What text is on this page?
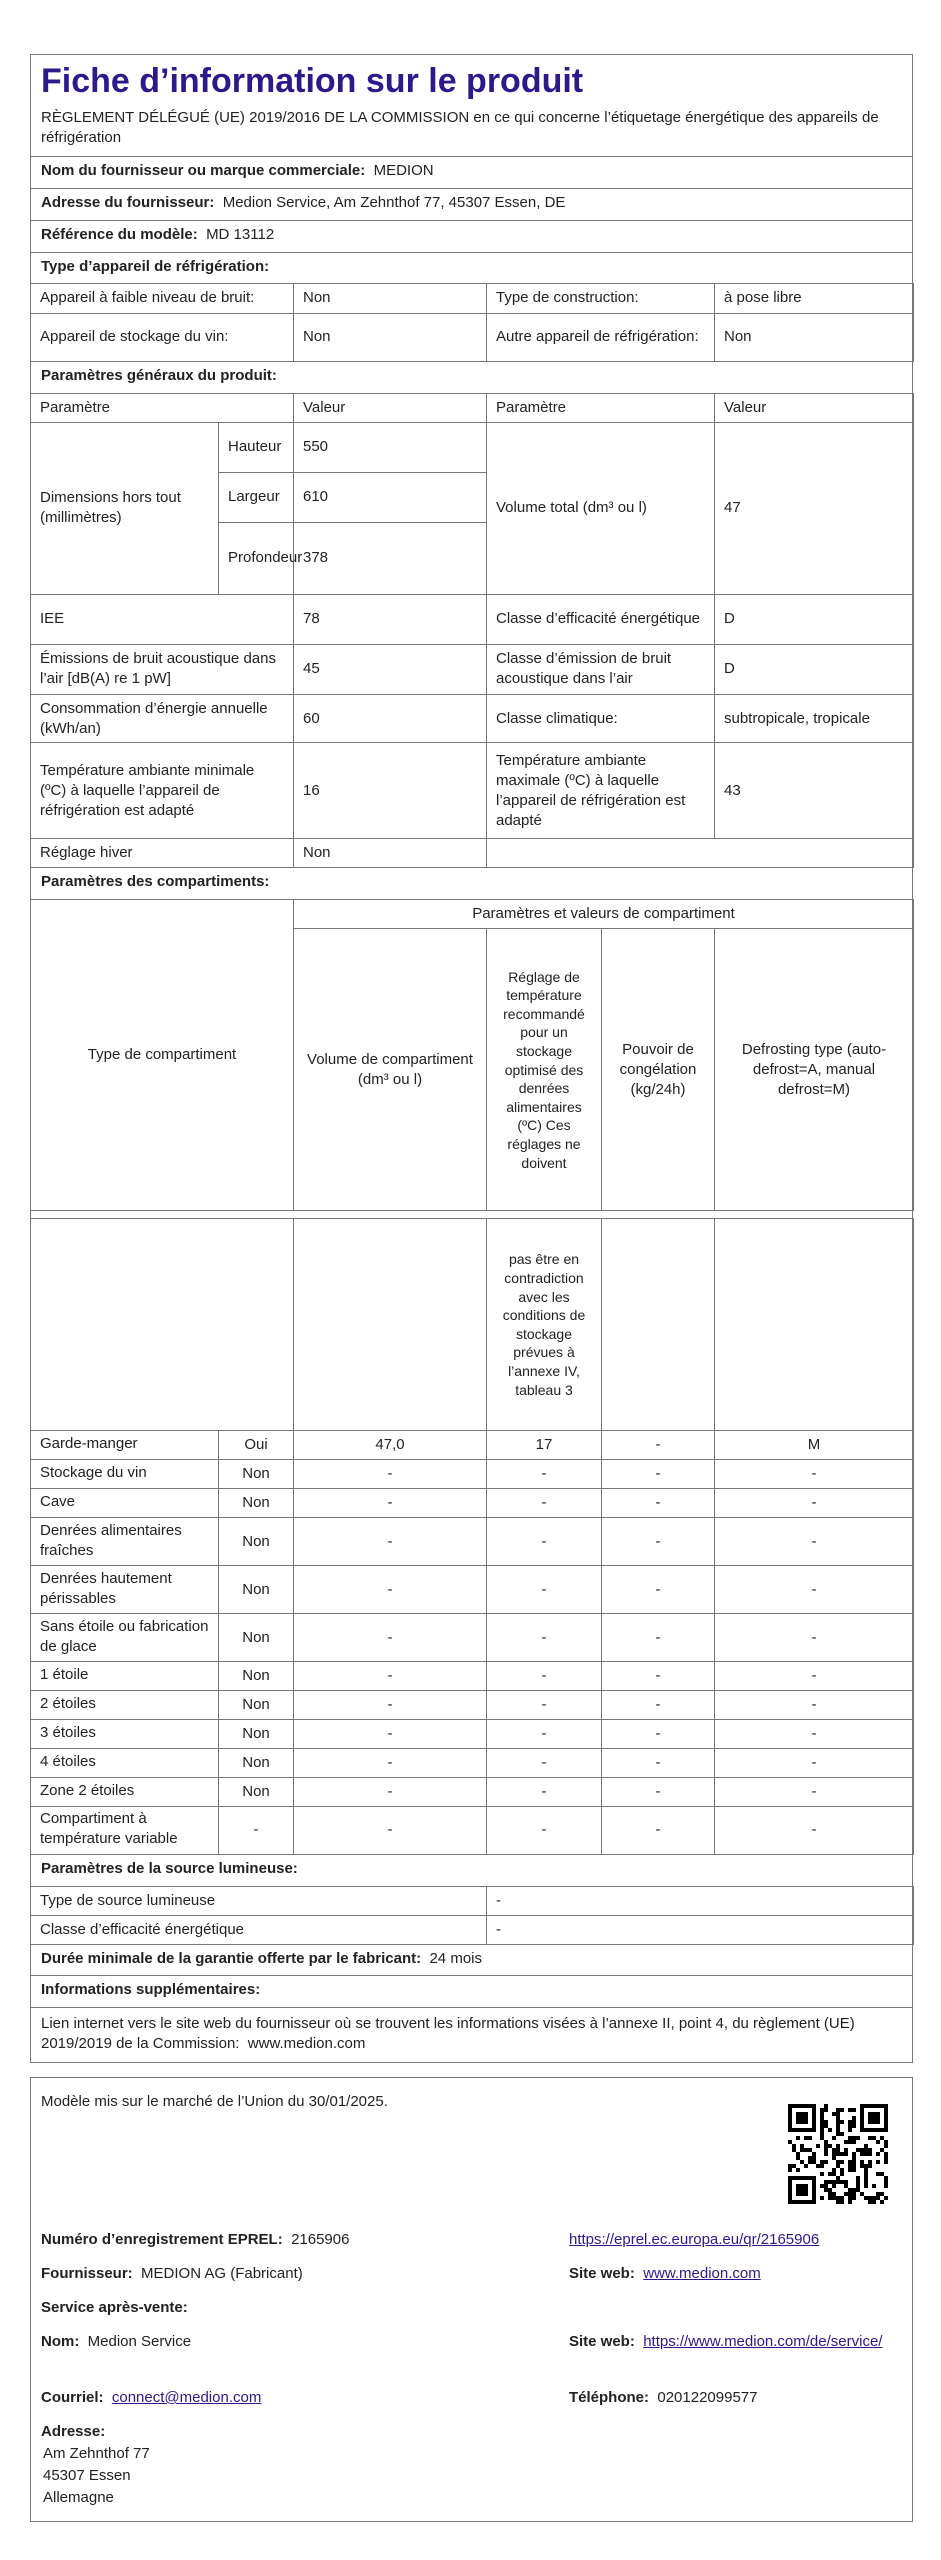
Fiche d’information sur le produit
RÈGLEMENT DÉLÉGUÉ (UE) 2019/2016 DE LA COMMISSION en ce qui concerne l’étiquetage énergétique des appareils de réfrigération
Nom du fournisseur ou marque commerciale: MEDION
Adresse du fournisseur: Medion Service, Am Zehnthof 77, 45307 Essen, DE
Référence du modèle: MD 13112
Type d’appareil de réfrigération:
Appareil à faible niveau de bruit:	Non	Type de construction:	à pose libre
Appareil de stockage du vin:	Non	Autre appareil de réfrigération:	Non
Paramètres généraux du produit:
Paramètre		Valeur	Paramètre	Valeur
Dimensions hors tout (millimètres)	Hauteur	550	Volume total (dm³ ou l)	47
	Largeur	610		
	Profondeur	378		
IEE		78	Classe d’efficacité énergétique	D
Émissions de bruit acoustique dans l’air [dB(A) re 1 pW]		45	Classe d’émission de bruit acoustique dans l’air	D
Consommation d’énergie annuelle (kWh/an)		60	Classe climatique:	subtropicale, tropicale
Température ambiante minimale (ºC) à laquelle l’appareil de réfrigération est adapté		16	Température ambiante maximale (ºC) à laquelle l’appareil de réfrigération est adapté	43
Réglage hiver		Non		
Paramètres des compartiments:
Type de compartiment		Paramètres et valeurs de compartiment			
		Volume de compartiment (dm³ ou l)	Réglage de température recommandé pour un stockage optimisé des denrées alimentaires (ºC) Ces réglages ne doivent	Pouvoir de congélation (kg/24h)	Defrosting type (auto-defrost=A, manual defrost=M)

			pas être en contradiction avec les conditions de stockage prévues à l’annexe IV, tableau 3		
Garde-manger	Oui	47,0	17	-	M
Stockage du vin	Non	-	-	-	-
Cave	Non	-	-	-	-
Denrées alimentaires fraîches	Non	-	-	-	-
Denrées hautement périssables	Non	-	-	-	-
Sans étoile ou fabrication de glace	Non	-	-	-	-
1 étoile	Non	-	-	-	-
2 étoiles	Non	-	-	-	-
3 étoiles	Non	-	-	-	-
4 étoiles	Non	-	-	-	-
Zone 2 étoiles	Non	-	-	-	-
Compartiment à température variable	-	-	-	-	-
Paramètres de la source lumineuse:
Type de source lumineuse	-
Classe d’efficacité énergétique	-
Durée minimale de la garantie offerte par le fabricant: 24 mois
Informations supplémentaires:
Lien internet vers le site web du fournisseur où se trouvent les informations visées à l’annexe II, point 4, du règlement (UE) 2019/2019 de la Commission: www.medion.com
Modèle mis sur le marché de l’Union du 30/01/2025.
Numéro d’enregistrement EPREL: 2165906	https://eprel.ec.europa.eu/qr/2165906
Fournisseur: MEDION AG (Fabricant)	Site web: www.medion.com
Service après-vente:
Nom: Medion Service	Site web: https://www.medion.com/de/service/
Courriel: connect@medion.com	Téléphone: 020122099577
Adresse:
Am Zehnthof 77
45307 Essen
Allemagne
